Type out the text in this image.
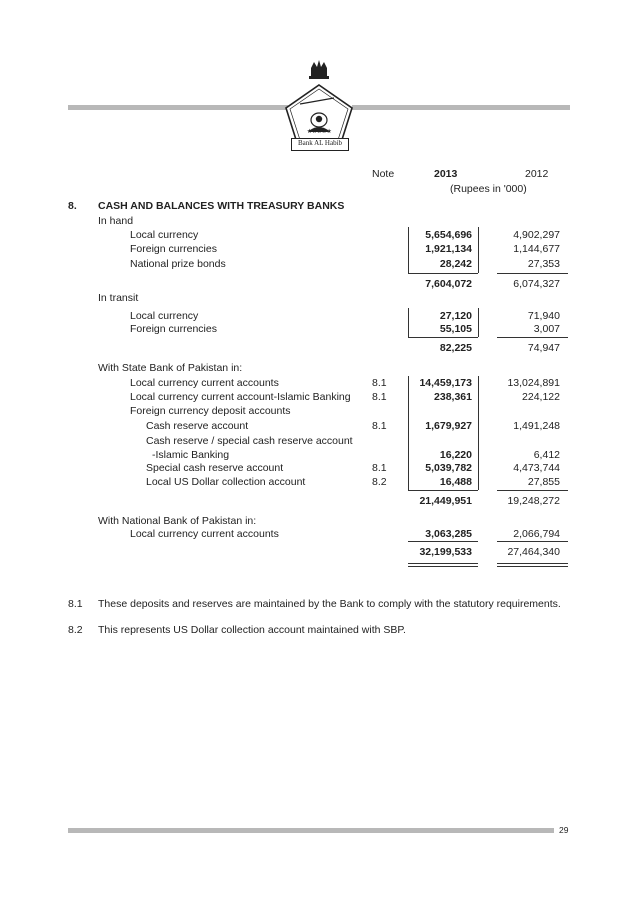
★★★★★
Bank AL Habib
Note	2013	2012
(Rupees in '000)
8. CASH AND BALANCES WITH TREASURY BANKS
In hand
Local currency	5,654,696	4,902,297
Foreign currencies	1,921,134	1,144,677
National prize bonds	28,242	27,353
7,604,072	6,074,327
In transit
Local currency	27,120	71,940
Foreign currencies	55,105	3,007
82,225	74,947
With State Bank of Pakistan in:
Local currency current accounts	8.1	14,459,173	13,024,891
Local currency current account-Islamic Banking 8.1	238,361	224,122
Foreign currency deposit accounts
Cash reserve account	8.1	1,679,927	1,491,248
Cash reserve / special cash reserve account
-Islamic Banking	16,220	6,412
Special cash reserve account	8.1	5,039,782	4,473,744
Local US Dollar collection account	8.2	16,488	27,855
21,449,951	19,248,272
With National Bank of Pakistan in:
Local currency current accounts	3,063,285	2,066,794
32,199,533	27,464,340
8.1 These deposits and reserves are maintained by the Bank to comply with the statutory requirements.
8.2 This represents US Dollar collection account maintained with SBP.
29
